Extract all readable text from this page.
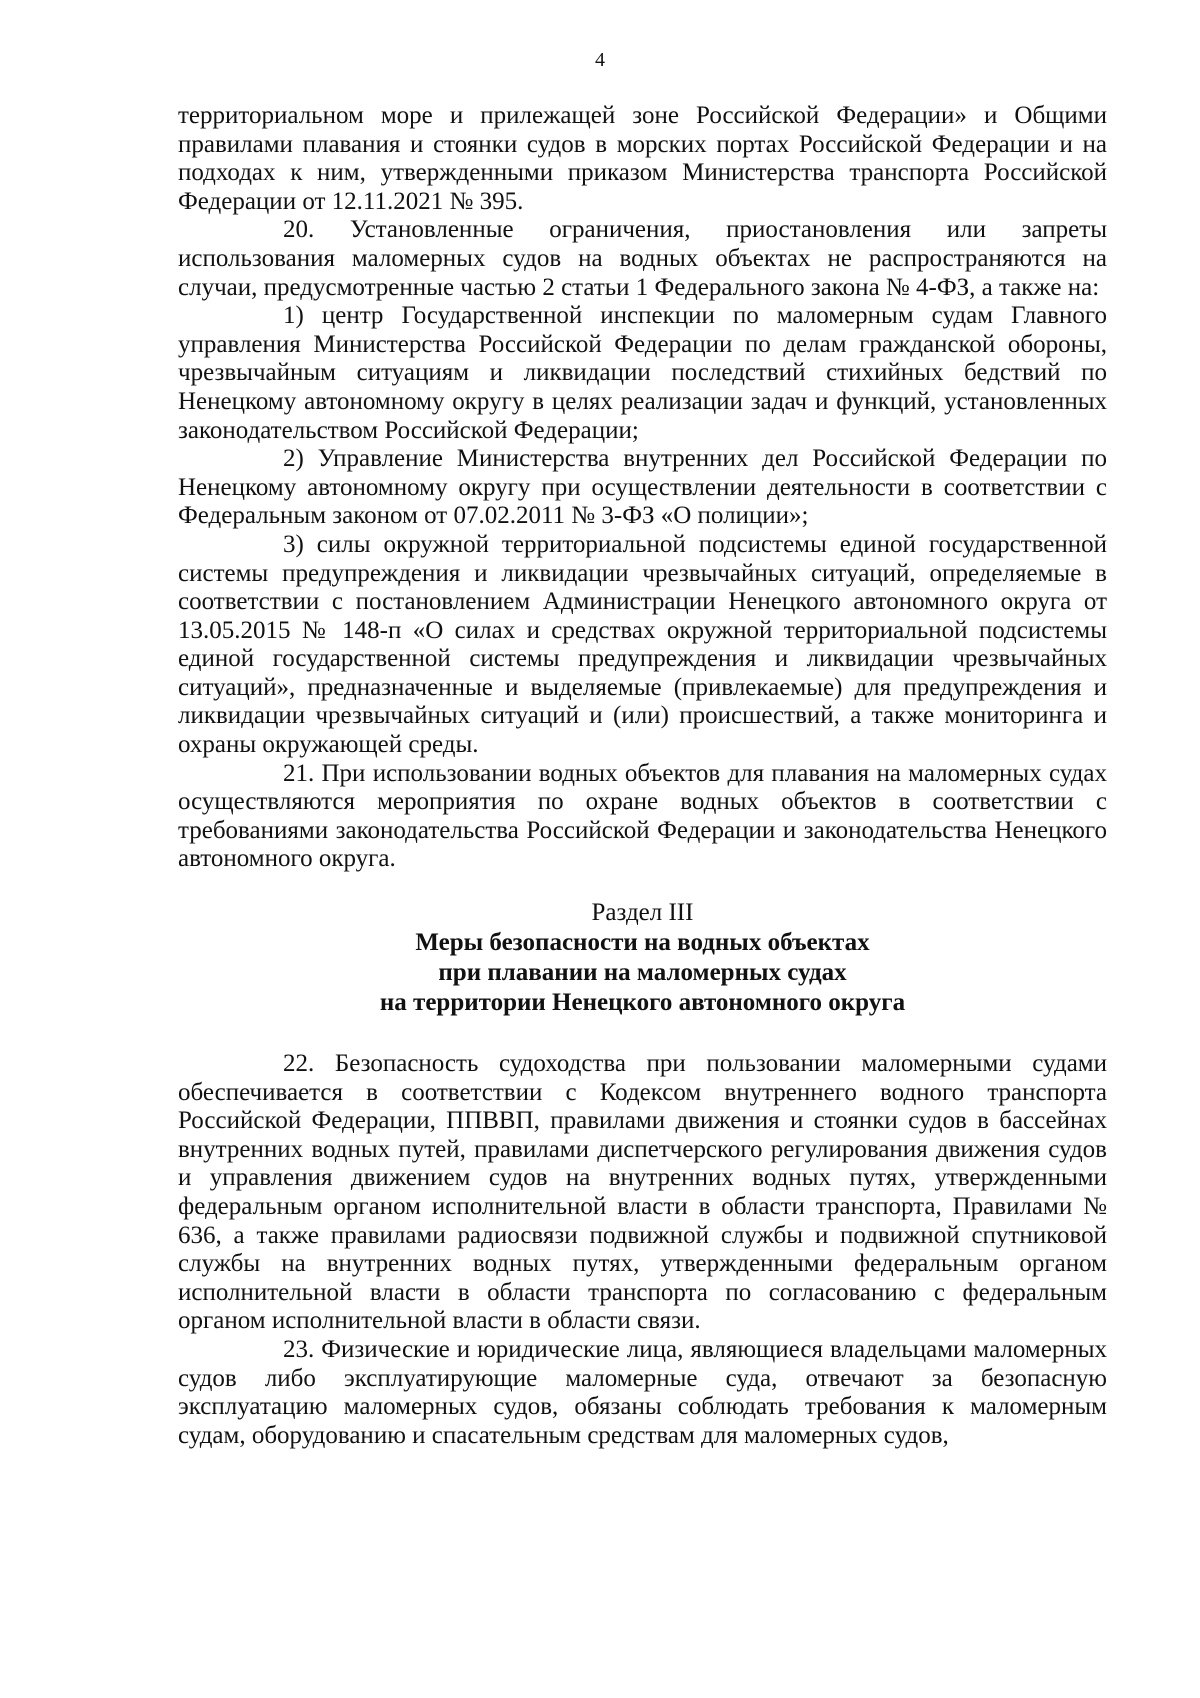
4

территориальном море и прилежащей зоне Российской Федерации» и Общими правилами плавания и стоянки судов в морских портах Российской Федерации и на подходах к ним, утвержденными приказом Министерства транспорта Российской Федерации от 12.11.2021 № 395.

20. Установленные ограничения, приостановления или запреты использования маломерных судов на водных объектах не распространяются на случаи, предусмотренные частью 2 статьи 1 Федерального закона № 4-ФЗ, а также на:

1) центр Государственной инспекции по маломерным судам Главного управления Министерства Российской Федерации по делам гражданской обороны, чрезвычайным ситуациям и ликвидации последствий стихийных бедствий по Ненецкому автономному округу в целях реализации задач и функций, установленных законодательством Российской Федерации;

2) Управление Министерства внутренних дел Российской Федерации по Ненецкому автономному округу при осуществлении деятельности в соответствии с Федеральным законом от 07.02.2011 № 3-ФЗ «О полиции»;

3) силы окружной территориальной подсистемы единой государственной системы предупреждения и ликвидации чрезвычайных ситуаций, определяемые в соответствии с постановлением Администрации Ненецкого автономного округа от 13.05.2015 № 148-п «О силах и средствах окружной территориальной подсистемы единой государственной системы предупреждения и ликвидации чрезвычайных ситуаций», предназначенные и выделяемые (привлекаемые) для предупреждения и ликвидации чрезвычайных ситуаций и (или) происшествий, а также мониторинга и охраны окружающей среды.

21. При использовании водных объектов для плавания на маломерных судах осуществляются мероприятия по охране водных объектов в соответствии с требованиями законодательства Российской Федерации и законодательства Ненецкого автономного округа.

Раздел III
Меры безопасности на водных объектах
при плавании на маломерных судах
на территории Ненецкого автономного округа

22. Безопасность судоходства при пользовании маломерными судами обеспечивается в соответствии с Кодексом внутреннего водного транспорта Российской Федерации, ППВВП, правилами движения и стоянки судов в бассейнах внутренних водных путей, правилами диспетчерского регулирования движения судов и управления движением судов на внутренних водных путях, утвержденными федеральным органом исполнительной власти в области транспорта, Правилами № 636, а также правилами радиосвязи подвижной службы и подвижной спутниковой службы на внутренних водных путях, утвержденными федеральным органом исполнительной власти в области транспорта по согласованию с федеральным органом исполнительной власти в области связи.

23. Физические и юридические лица, являющиеся владельцами маломерных судов либо эксплуатирующие маломерные суда, отвечают за безопасную эксплуатацию маломерных судов, обязаны соблюдать требования к маломерным судам, оборудованию и спасательным средствам для маломерных судов,
